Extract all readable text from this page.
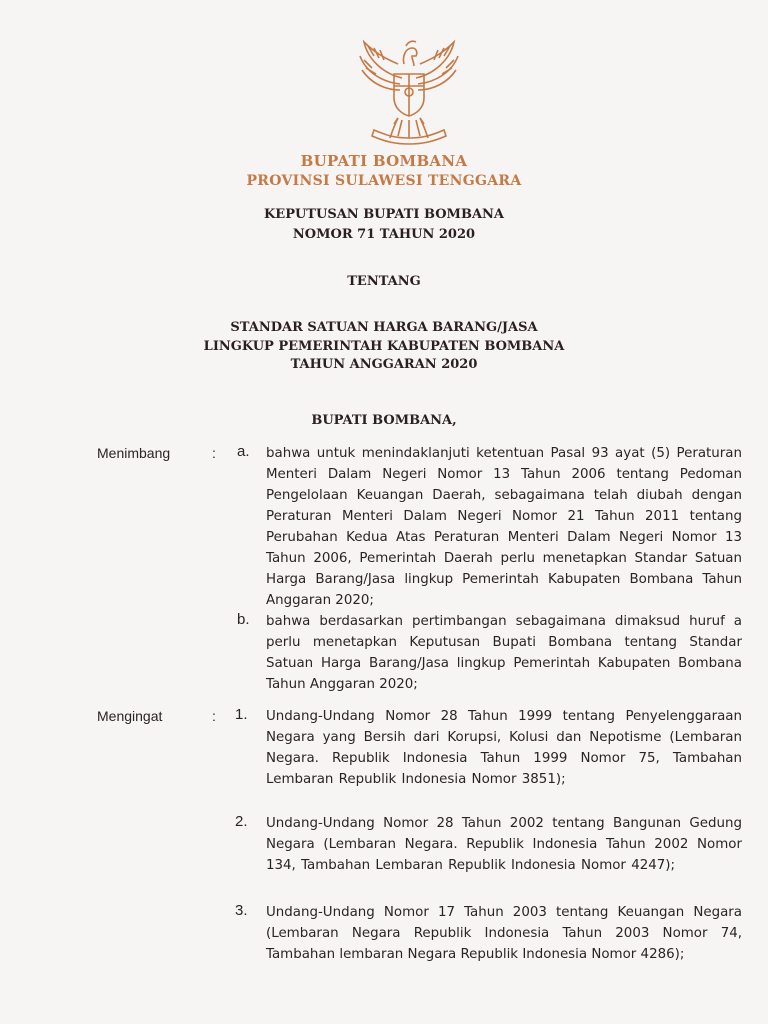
BUPATI BOMBANA
PROVINSI SULAWESI TENGGARA
KEPUTUSAN BUPATI BOMBANA
NOMOR 71 TAHUN 2020
TENTANG
STANDAR SATUAN HARGA BARANG/JASA
LINGKUP PEMERINTAH KABUPATEN BOMBANA
TAHUN ANGGARAN 2020
BUPATI BOMBANA,
Menimbang	: a. bahwa untuk menindaklanjuti ketentuan Pasal 93 ayat (5) Peraturan Menteri Dalam Negeri Nomor 13 Tahun 2006 tentang Pedoman Pengelolaan Keuangan Daerah, sebagaimana telah diubah dengan Peraturan Menteri Dalam Negeri Nomor 21 Tahun 2011 tentang Perubahan Kedua Atas Peraturan Menteri Dalam Negeri Nomor 13 Tahun 2006, Pemerintah Daerah perlu menetapkan Standar Satuan Harga Barang/Jasa lingkup Pemerintah Kabupaten Bombana Tahun Anggaran 2020;
b. bahwa berdasarkan pertimbangan sebagaimana dimaksud huruf a perlu menetapkan Keputusan Bupati Bombana tentang Standar Satuan Harga Barang/Jasa lingkup Pemerintah Kabupaten Bombana Tahun Anggaran 2020;
Mengingat	: 1. Undang-Undang Nomor 28 Tahun 1999 tentang Penyelenggaraan Negara yang Bersih dari Korupsi, Kolusi dan Nepotisme (Lembaran Negara. Republik Indonesia Tahun 1999 Nomor 75, Tambahan Lembaran Republik Indonesia Nomor 3851);
2. Undang-Undang Nomor 28 Tahun 2002 tentang Bangunan Gedung Negara (Lembaran Negara. Republik Indonesia Tahun 2002 Nomor 134, Tambahan Lembaran Republik Indonesia Nomor 4247);
3. Undang-Undang Nomor 17 Tahun 2003 tentang Keuangan Negara (Lembaran Negara Republik Indonesia Tahun 2003 Nomor 74, Tambahan lembaran Negara Republik Indonesia Nomor 4286);
